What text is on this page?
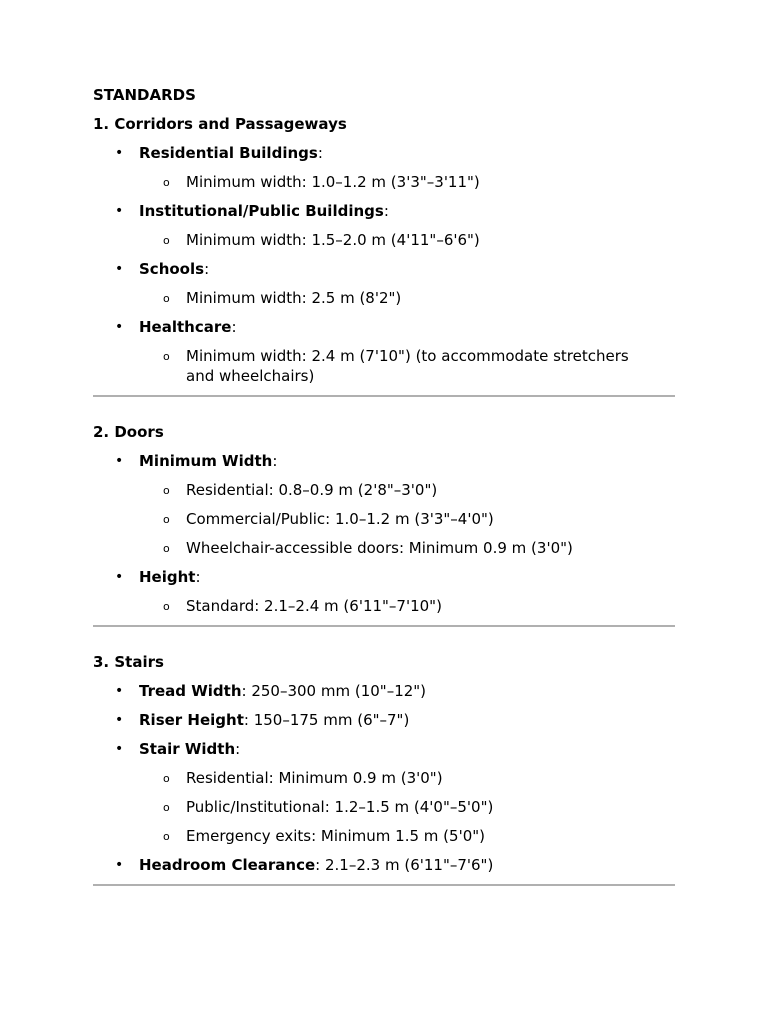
STANDARDS
1. Corridors and Passageways
• Residential Buildings:
o Minimum width: 1.0–1.2 m (3'3"–3'11")
• Institutional/Public Buildings:
o Minimum width: 1.5–2.0 m (4'11"–6'6")
• Schools:
o Minimum width: 2.5 m (8'2")
• Healthcare:
o Minimum width: 2.4 m (7'10") (to accommodate stretchers and wheelchairs)
2. Doors
• Minimum Width:
o Residential: 0.8–0.9 m (2'8"–3'0")
o Commercial/Public: 1.0–1.2 m (3'3"–4'0")
o Wheelchair-accessible doors: Minimum 0.9 m (3'0")
• Height:
o Standard: 2.1–2.4 m (6'11"–7'10")
3. Stairs
• Tread Width: 250–300 mm (10"–12")
• Riser Height: 150–175 mm (6"–7")
• Stair Width:
o Residential: Minimum 0.9 m (3'0")
o Public/Institutional: 1.2–1.5 m (4'0"–5'0")
o Emergency exits: Minimum 1.5 m (5'0")
• Headroom Clearance: 2.1–2.3 m (6'11"–7'6")
